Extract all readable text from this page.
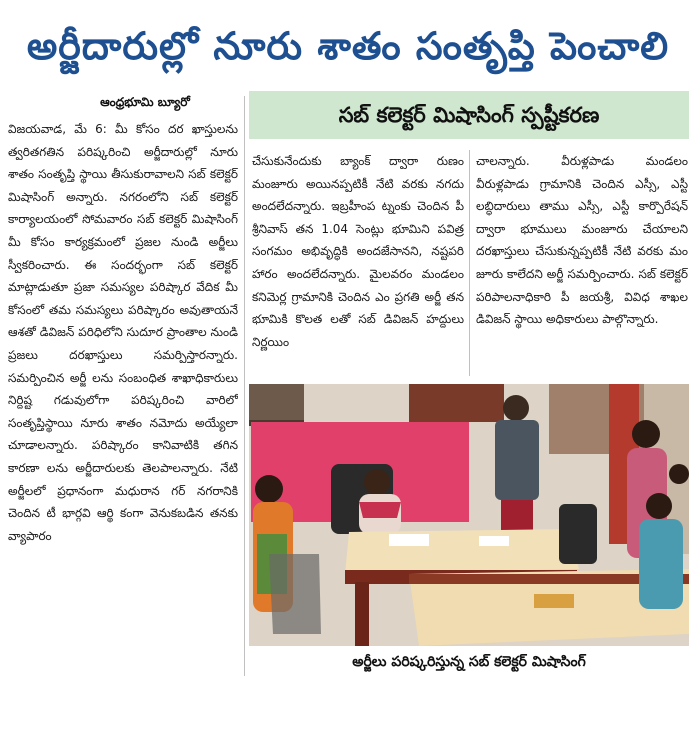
అర్జీదారుల్లో నూరు శాతం సంతృప్తి పెంచాలి
ఆంధ్రభూమి బ్యూరో
సబ్ కలెక్టర్ మిషాసింగ్ స్పష్టీకరణ

విజయవాడ, మే 6: మీ కోసం దర ఖాస్తులను త్వరితగతిన పరిష్కరించి అర్జీదారుల్లో నూరు శాతం సంతృప్తి స్థాయి తీసుకురావాలని సబ్ కలెక్టర్ మిషాసింగ్ అన్నారు. నగరంలోని సబ్ కలెక్టర్ కార్యాలయంలో సోమవారం సబ్ కలెక్టర్ మిషాసింగ్ మీ కోసం కార్యక్రమంలో ప్రజల నుండి అర్జీలు స్వీకరించారు. ఈ సందర్భంగా సబ్ కలెక్టర్ మాట్లాడుతూ ప్రజా సమస్యల పరిష్కార వేదిక మీ కోసంలో తమ సమస్యలు పరిష్కారం అవుతాయనే ఆశతో డివిజన్ పరిధిలోని సుదూర ప్రాంతాల నుండి ప్రజలు దరఖాస్తులు సమర్పిస్తారన్నారు. సమర్పించిన అర్జీ లను సంబంధిత శాఖాధికారులు నిర్దిష్ట గడువులోగా పరిష్కరించి వారిలో సంతృప్తిస్థాయి నూరు శాతం నమోదు అయ్యేలా చూడాలన్నారు. పరిష్కారం కానివాటికి తగిన కారణా లను అర్జీదారులకు తెలపాలన్నారు. నేటి అర్జీలలో ప్రధానంగా మధురాన గర్ నగరానికి చెందిన టీ భార్గవి ఆర్థి కంగా వెనుకబడిన తనకు వ్యాపారం

చేసుకునేందుకు బ్యాంక్ ద్వారా రుణం మంజూరు అయినప్పటికీ నేటి వరకు నగదు అందలేదన్నారు. ఇబ్రహీంప ట్నంకు చెందిన పీ శ్రీనివాస్ తన 1.04 సెంట్లు భూమిని పవిత్ర సంగమం అభివృద్ధికి అందజేసానని, నష్టపరి హారం అందలేదన్నారు. మైలవరం మండలం కనిమెర్ల గ్రామానికి చెందిన ఎం ప్రగతి అర్జీ తన భూమికి కొలత లతో సబ్ డివిజన్ హద్దులు నిర్ణయిం

చాలన్నారు. వీరుళ్లపాడు మండలం వీరుళ్లపాడు గ్రామానికి చెందిన ఎస్సీ, ఎస్టీ లబ్ధిదారులు తాము ఎస్సీ, ఎస్టీ కార్పొరేషన్ ద్వారా భూములు మంజూరు చేయాలని దరఖాస్తులు చేసుకున్నప్పటికీ నేటి వరకు మం జూరు కాలేదని అర్జీ సమర్పించారు. సబ్ కలెక్టర్ పరిపాలనాధికారి పీ జయశ్రీ, వివిధ శాఖల డివిజన్ స్థాయి అధికారులు పాల్గొన్నారు.

అర్జీలు పరిష్కరిస్తున్న సబ్ కలెక్టర్ మిషాసింగ్
